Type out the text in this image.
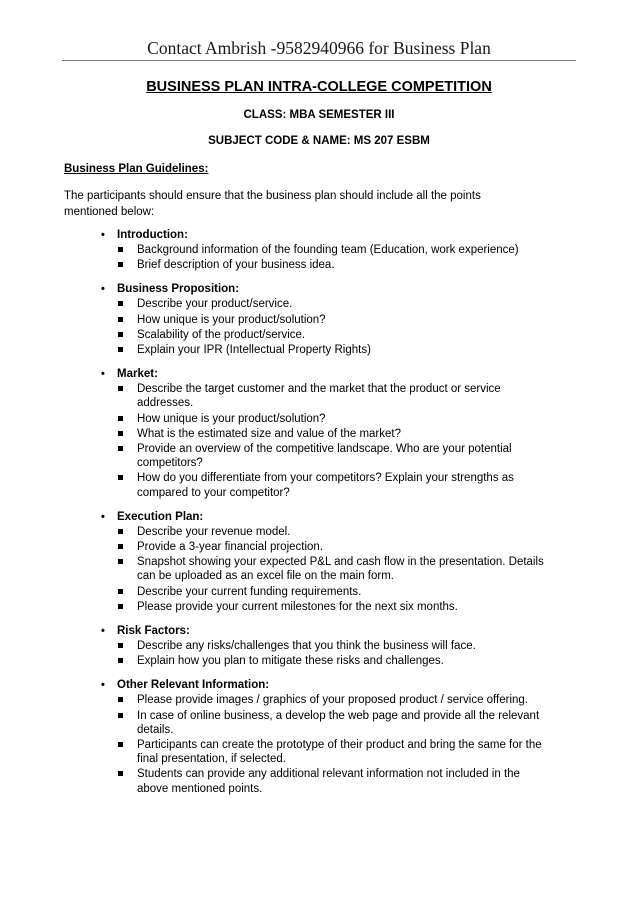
Contact Ambrish -9582940966 for Business Plan
BUSINESS PLAN INTRA-COLLEGE COMPETITION
CLASS: MBA SEMESTER III
SUBJECT CODE & NAME: MS 207 ESBM
Business Plan Guidelines:
The participants should ensure that the business plan should include all the points mentioned below:
• Introduction:
Background information of the founding team (Education, work experience)
Brief description of your business idea.
• Business Proposition:
Describe your product/service.
How unique is your product/solution?
Scalability of the product/service.
Explain your IPR (Intellectual Property Rights)
• Market:
Describe the target customer and the market that the product or service addresses.
How unique is your product/solution?
What is the estimated size and value of the market?
Provide an overview of the competitive landscape. Who are your potential competitors?
How do you differentiate from your competitors? Explain your strengths as compared to your competitor?
• Execution Plan:
Describe your revenue model.
Provide a 3-year financial projection.
Snapshot showing your expected P&L and cash flow in the presentation. Details can be uploaded as an excel file on the main form.
Describe your current funding requirements.
Please provide your current milestones for the next six months.
• Risk Factors:
Describe any risks/challenges that you think the business will face.
Explain how you plan to mitigate these risks and challenges.
• Other Relevant Information:
Please provide images / graphics of your proposed product / service offering.
In case of online business, a develop the web page and provide all the relevant details.
Participants can create the prototype of their product and bring the same for the final presentation, if selected.
Students can provide any additional relevant information not included in the above mentioned points.
